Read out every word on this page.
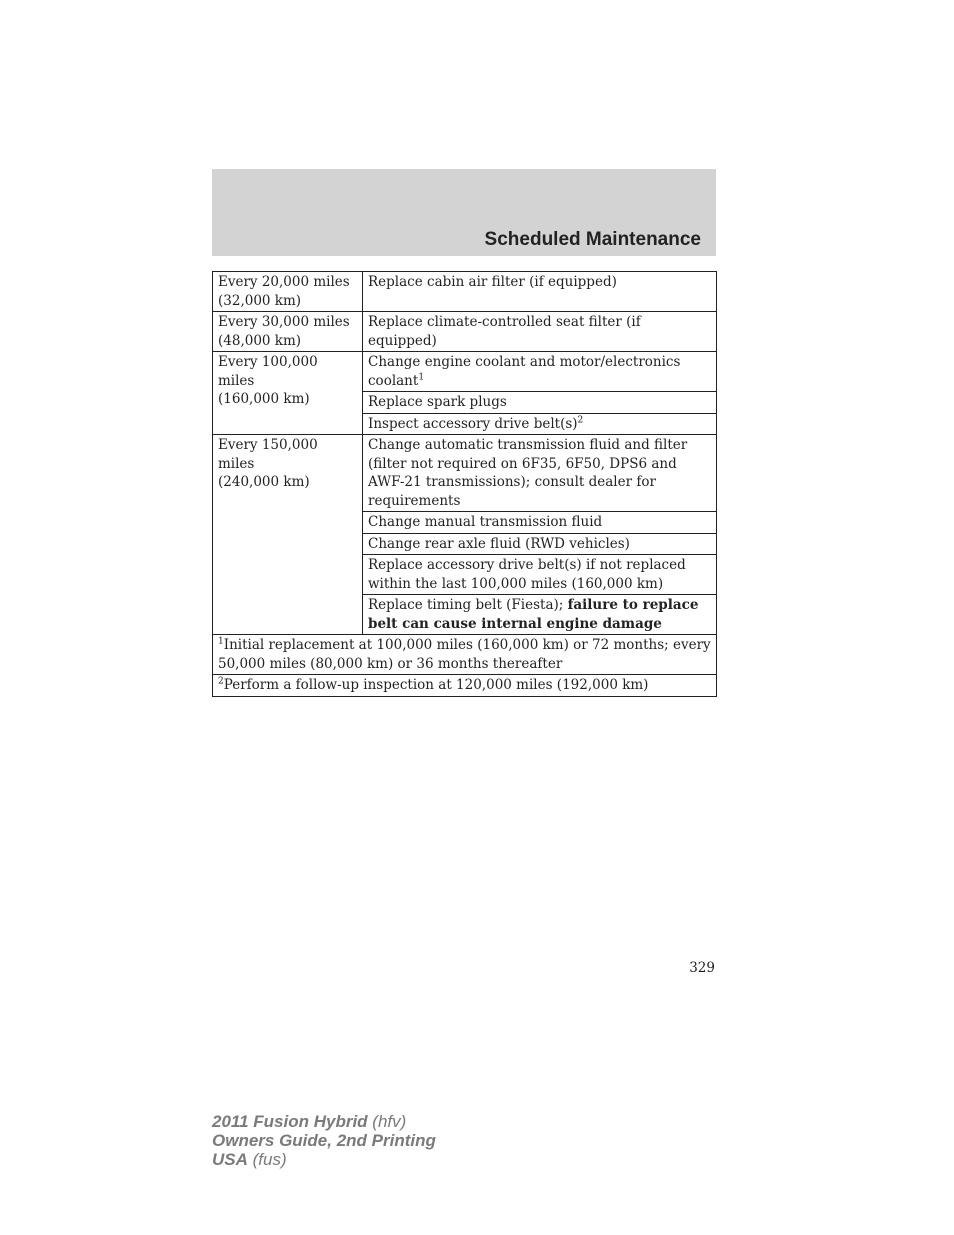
Scheduled Maintenance
Every 20,000 miles
(32,000 km)	Replace cabin air filter (if equipped)
Every 30,000 miles
(48,000 km)	Replace climate-controlled seat filter (if equipped)
Every 100,000 miles
(160,000 km)	Change engine coolant and motor/electronics coolant$^1$
	Replace spark plugs
	Inspect accessory drive $belt(s)^2$
Every 150,000 miles
(240,000 km)	Change automatic transmission fluid and filter (filter not required on 6F35, 6F50, DPS6 and AWF-21 transmissions); consult dealer for requirements
	Change manual transmission fluid
	Change rear axle fluid (RWD vehicles)
	Replace accessory drive belt(s) if not replaced within the last 100,000 miles (160,000 km)
	Replace timing belt (Fiesta); failure to replace belt can cause internal engine damage
$^1$Initial replacement at 100,000 miles (160,000 km) or 72 months; every 50,000 miles (80,000 km) or 36 months thereafter	
$^2$Perform a follow-up inspection at 120,000 miles (192,000 km)	
329
2011 Fusion Hybrid (hfv)
Owners Guide, 2nd Printing
USA (fus)
